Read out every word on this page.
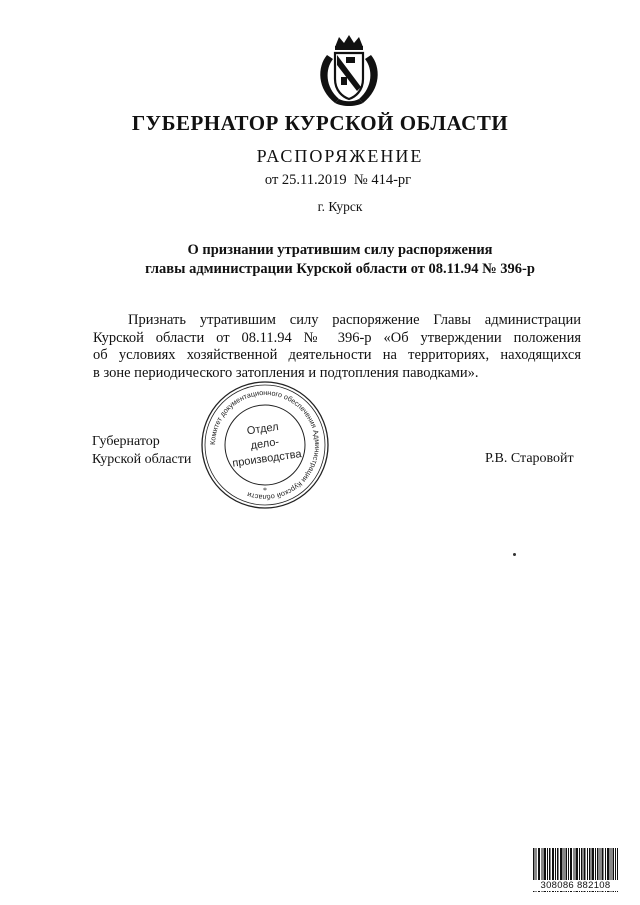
ГУБЕРНАТОР КУРСКОЙ ОБЛАСТИ
РАСПОРЯЖЕНИЕ
от 25.11.2019  № 414-рг
г. Курск
О признании утратившим силу распоряжения
главы администрации Курской области от 08.11.94 № 396-р
Признать утратившим силу распоряжение Главы администрации
Курской области от 08.11.94 № 396-р «Об утверждении положения
об условиях хозяйственной деятельности на территориях, находящихся
в зоне периодического затопления и подтопления паводками».
Губернатор
Курской области	Р.В. Старовойт
Комитет документационного обеспечения Администрации Курской области
Отдел
дело-
производства
*
308086 882108
